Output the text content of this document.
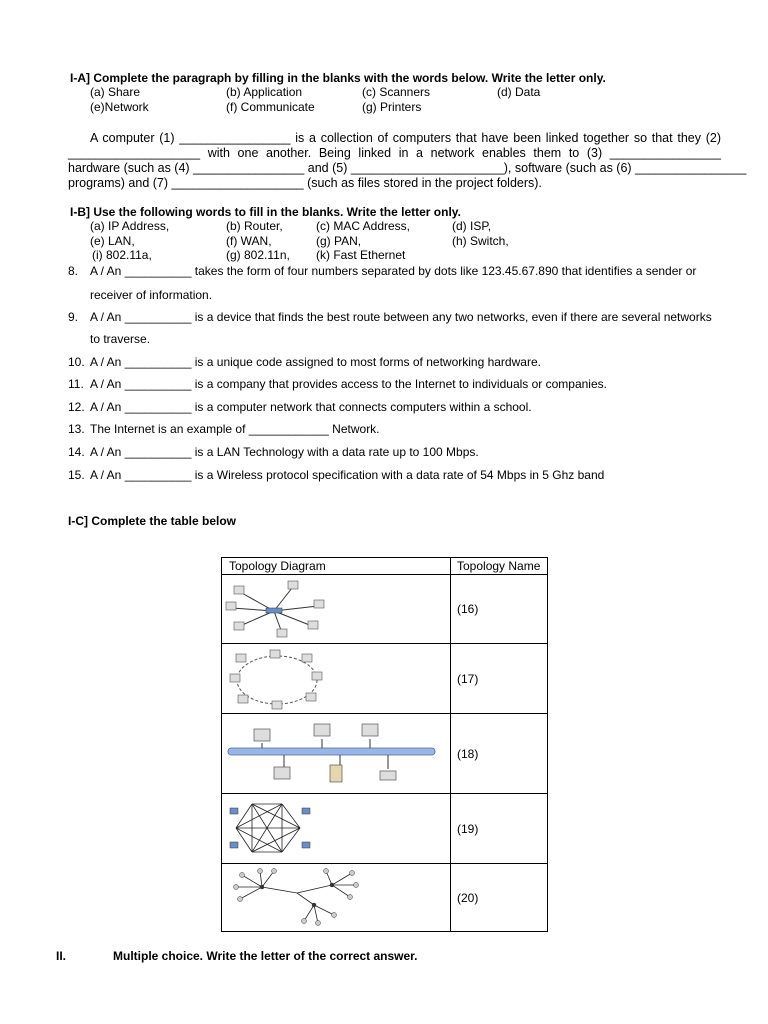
I-A] Complete the paragraph by filling in the blanks with the words below. Write the letter only.
(a) Share	(b) Application	(c) Scanners	(d) Data
(e)Network	(f) Communicate	(g) Printers
A computer (1) ________________ is a collection of computers that have been linked together so that they (2)
___________________ with one another. Being linked in a network enables them to (3) ________________
hardware (such as (4) ________________ and (5) ______________________), software (such as (6) ________________
programs) and (7) ___________________ (such as files stored in the project folders).
I-B] Use the following words to fill in the blanks. Write the letter only.
(a) IP Address,	(b) Router,	(c) MAC Address,	(d) ISP,
(e) LAN,	(f) WAN,	(g) PAN,	(h) Switch,
(i) 802.11a,	(g) 802.11n, (k) Fast Ethernet
8. A / An __________ takes the form of four numbers separated by dots like 123.45.67.890 that identifies a sender or
receiver of information.
9. A / An __________ is a device that finds the best route between any two networks, even if there are several networks
to traverse.
10. A / An __________ is a unique code assigned to most forms of networking hardware.
11. A / An __________ is a company that provides access to the Internet to individuals or companies.
12. A / An __________ is a computer network that connects computers within a school.
13. The Internet is an example of ____________ Network.
14. A / An __________ is a LAN Technology with a data rate up to 100 Mbps.
15. A / An __________ is a Wireless protocol specification with a data rate of 54 Mbps in 5 Ghz band
I-C] Complete the table below
Topology Diagram	Topology Name

	(16)

	(17)

	(18)

	(19)

	(20)
II.	Multiple choice. Write the letter of the correct answer.
